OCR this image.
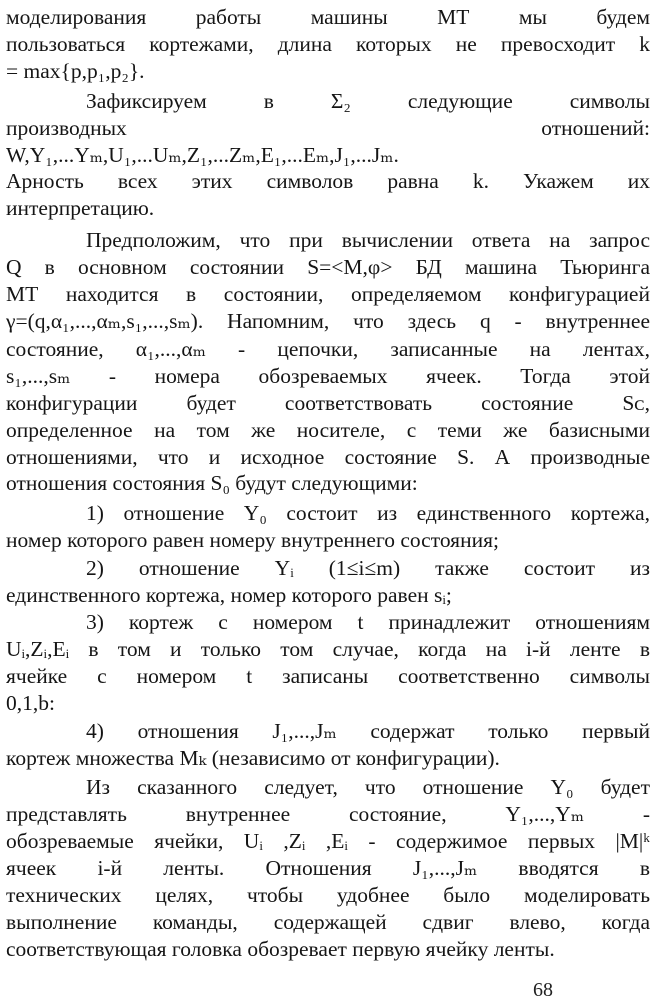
моделирования работы машины МТ мы будем
пользоваться кортежами, длина которых не превосходит k
= max{p,p₁,p₂}.
Зафиксируем в Σ₂ следующие символы
производных отношений:
W,Y₁,...Yₘ,U₁,...Uₘ,Z₁,...Zₘ,E₁,...Eₘ,J₁,...Jₘ.
Арность всех этих символов равна k. Укажем их
интерпретацию.
Предположим, что при вычислении ответа на запрос
Q в основном состоянии S=<M,φ> БД машина Тьюринга
МТ находится в состоянии, определяемом конфигурацией
γ=(q,α₁,...,αₘ,s₁,...,sₘ). Напомним, что здесь q - внутреннее
состояние, α₁,...,αₘ - цепочки, записанные на лентах,
s₁,...,sₘ - номера обозреваемых ячеек. Тогда этой
конфигурации будет соответствовать состояние Sᴄ,
определенное на том же носителе, с теми же базисными
отношениями, что и исходное состояние S. А производные
отношения состояния S₀ будут следующими:
1) отношение Y₀ состоит из единственного кортежа,
номер которого равен номеру внутреннего состояния;
2) отношение Yᵢ (1≤i≤m) также состоит из
единственного кортежа, номер которого равен sᵢ;
3) кортеж с номером t принадлежит отношениям
Uᵢ,Zᵢ,Eᵢ в том и только том случае, когда на i-й ленте в
ячейке с номером t записаны соответственно символы
0,1,b:
4) отношения J₁,...,Jₘ содержат только первый
кортеж множества Mₖ (независимо от конфигурации).
Из сказанного следует, что отношение Y₀ будет
представлять внутреннее состояние, Y₁,...,Yₘ -
обозреваемые ячейки, Uᵢ ,Zᵢ ,Eᵢ - содержимое первых |M|ᵏ
ячеек i-й ленты. Отношения J₁,...,Jₘ вводятся в
технических целях, чтобы удобнее было моделировать
выполнение команды, содержащей сдвиг влево, когда
соответствующая головка обозревает первую ячейку ленты.
68
